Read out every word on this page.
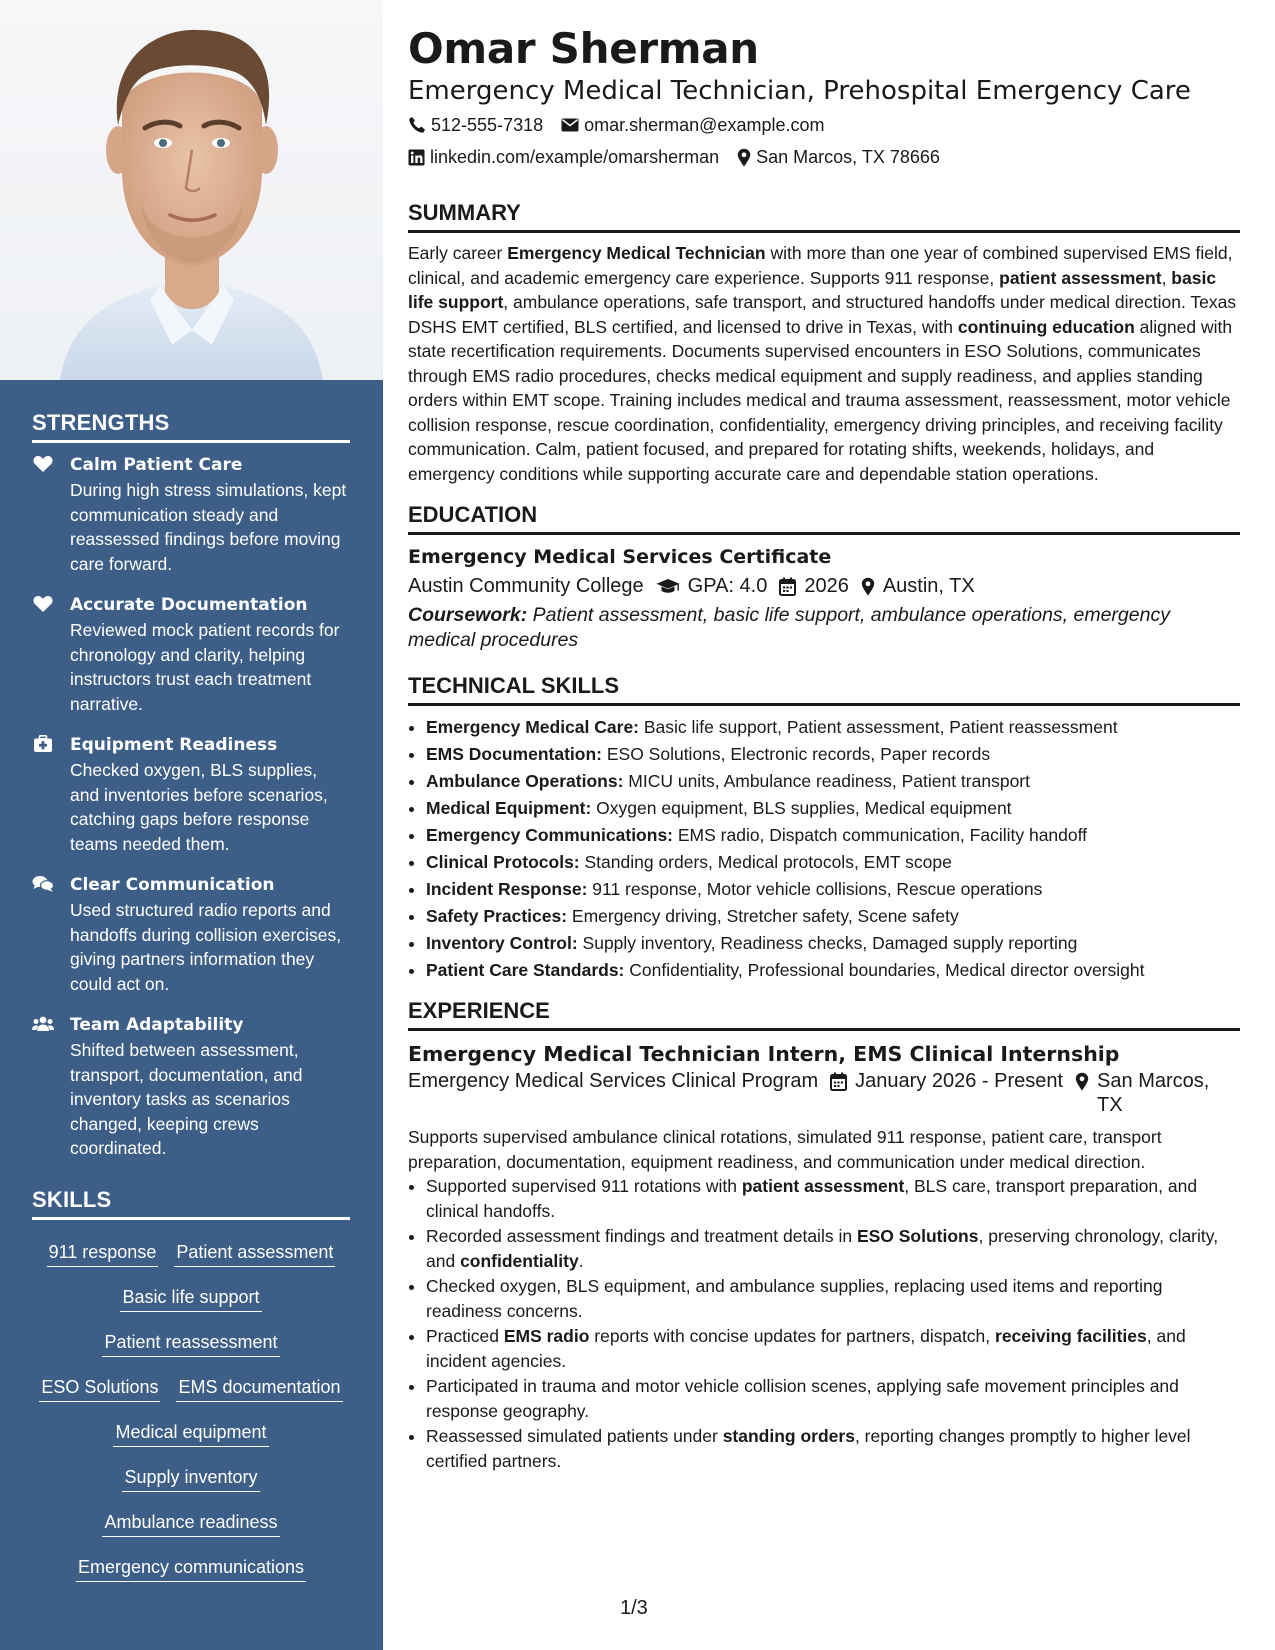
STRENGTHS
Calm Patient Care
During high stress simulations, kept communication steady and reassessed findings before moving care forward.
Accurate Documentation
Reviewed mock patient records for chronology and clarity, helping instructors trust each treatment narrative.
Equipment Readiness
Checked oxygen, BLS supplies, and inventories before scenarios, catching gaps before response teams needed them.
Clear Communication
Used structured radio reports and handoffs during collision exercises, giving partners information they could act on.
Team Adaptability
Shifted between assessment, transport, documentation, and inventory tasks as scenarios changed, keeping crews coordinated.
SKILLS
911 response Patient assessment
Basic life support
Patient reassessment
ESO Solutions EMS documentation
Medical equipment
Supply inventory
Ambulance readiness
Emergency communications
Omar Sherman
Emergency Medical Technician, Prehospital Emergency Care
512-555-7318 omar.sherman@example.com
linkedin.com/example/omarsherman San Marcos, TX 78666
SUMMARY
Early career Emergency Medical Technician with more than one year of combined supervised EMS field, clinical, and academic emergency care experience. Supports 911 response, patient assessment, basic life support, ambulance operations, safe transport, and structured handoffs under medical direction. Texas DSHS EMT certified, BLS certified, and licensed to drive in Texas, with continuing education aligned with state recertification requirements. Documents supervised encounters in ESO Solutions, communicates through EMS radio procedures, checks medical equipment and supply readiness, and applies standing orders within EMT scope. Training includes medical and trauma assessment, reassessment, motor vehicle collision response, rescue coordination, confidentiality, emergency driving principles, and receiving facility communication. Calm, patient focused, and prepared for rotating shifts, weekends, holidays, and emergency conditions while supporting accurate care and dependable station operations.
EDUCATION
Emergency Medical Services Certificate
Austin Community College GPA: 4.0 2026 Austin, TX
Coursework: Patient assessment, basic life support, ambulance operations, emergency medical procedures
TECHNICAL SKILLS
• Emergency Medical Care: Basic life support, Patient assessment, Patient reassessment
• EMS Documentation: ESO Solutions, Electronic records, Paper records
• Ambulance Operations: MICU units, Ambulance readiness, Patient transport
• Medical Equipment: Oxygen equipment, BLS supplies, Medical equipment
• Emergency Communications: EMS radio, Dispatch communication, Facility handoff
• Clinical Protocols: Standing orders, Medical protocols, EMT scope
• Incident Response: 911 response, Motor vehicle collisions, Rescue operations
• Safety Practices: Emergency driving, Stretcher safety, Scene safety
• Inventory Control: Supply inventory, Readiness checks, Damaged supply reporting
• Patient Care Standards: Confidentiality, Professional boundaries, Medical director oversight
EXPERIENCE
Emergency Medical Technician Intern, EMS Clinical Internship
Emergency Medical Services Clinical Program January 2026 - Present San Marcos, TX
Supports supervised ambulance clinical rotations, simulated 911 response, patient care, transport preparation, documentation, equipment readiness, and communication under medical direction.
• Supported supervised 911 rotations with patient assessment, BLS care, transport preparation, and clinical handoffs.
• Recorded assessment findings and treatment details in ESO Solutions, preserving chronology, clarity, and confidentiality.
• Checked oxygen, BLS equipment, and ambulance supplies, replacing used items and reporting readiness concerns.
• Practiced EMS radio reports with concise updates for partners, dispatch, receiving facilities, and incident agencies.
• Participated in trauma and motor vehicle collision scenes, applying safe movement principles and response geography.
• Reassessed simulated patients under standing orders, reporting changes promptly to higher level certified partners.
1/3
